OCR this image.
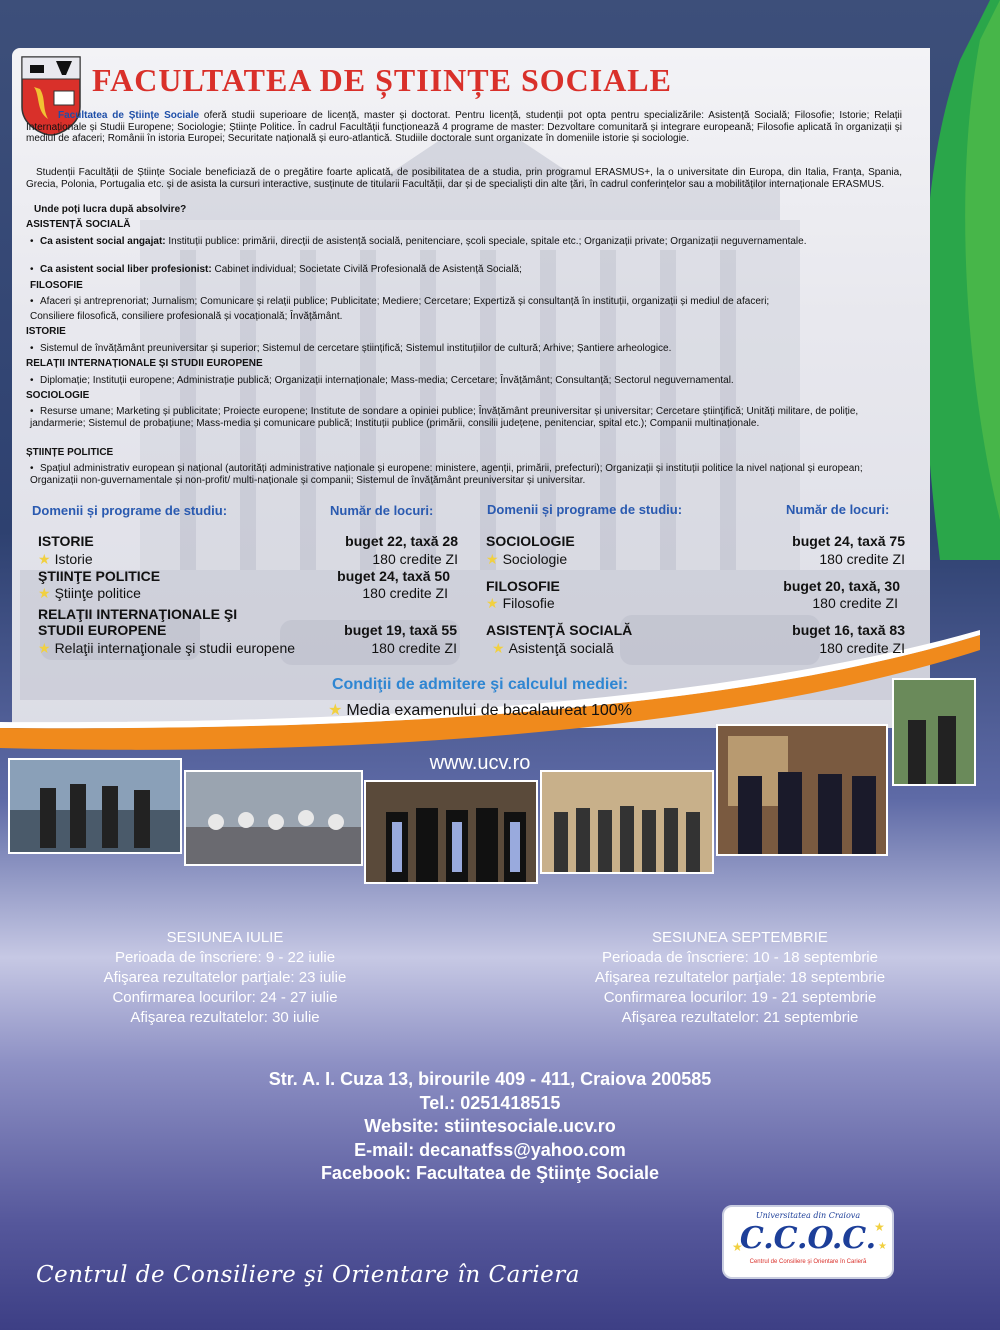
FACULTATEA DE ȘTIINȚE SOCIALE
Facultatea de Științe Sociale oferă studii superioare de licență, master și doctorat. Pentru licență, studenții pot opta pentru specializările: Asistență Socială; Filosofie; Istorie; Relații Internaționale și Studii Europene; Sociologie; Științe Politice. În cadrul Facultății funcționează 4 programe de master: Dezvoltare comunitară și integrare europeană; Filosofie aplicată în organizații și mediul de afaceri; Românii în istoria Europei; Securitate națională și euro-atlantică. Studiile doctorale sunt organizate în domeniile istorie și sociologie.
Studenții Facultății de Științe Sociale beneficiază de o pregătire foarte aplicată, de posibilitatea de a studia, prin programul ERASMUS+, la o universitate din Europa, din Italia, Franța, Spania, Grecia, Polonia, Portugalia etc. și de asista la cursuri interactive, susținute de titularii Facultății, dar și de specialiști din alte țări, în cadrul conferințelor sau a mobilităților internaționale ERASMUS.
Unde poți lucra după absolvire?
ASISTENȚĂ SOCIALĂ
• Ca asistent social angajat: Instituții publice: primării, direcții de asistență socială, penitenciare, școli speciale, spitale etc.; Organizații private; Organizații neguvernamentale.
• Ca asistent social liber profesionist: Cabinet individual; Societate Civilă Profesională de Asistență Socială;
FILOSOFIE
• Afaceri și antreprenoriat; Jurnalism; Comunicare și relații publice; Publicitate; Mediere; Cercetare; Expertiză și consultanță în instituții, organizații și mediul de afaceri;
Consiliere filosofică, consiliere profesională și vocațională; Învățământ.
ISTORIE
• Sistemul de învățământ preuniversitar și superior; Sistemul de cercetare științifică; Sistemul instituțiilor de cultură; Arhive; Șantiere arheologice.
RELAȚII INTERNAȚIONALE ȘI STUDII EUROPENE
• Diplomație; Instituții europene; Administrație publică; Organizații internaționale; Mass-media; Cercetare; Învățământ; Consultanță; Sectorul neguvernamental.
SOCIOLOGIE
• Resurse umane; Marketing și publicitate; Proiecte europene; Institute de sondare a opiniei publice; Învățământ preuniversitar și universitar; Cercetare științifică; Unități militare, de poliție, jandarmerie; Sistemul de probațiune; Mass-media și comunicare publică; Instituții publice (primării, consilii județene, penitenciar, spital etc.); Companii multinaționale.
ȘTIINȚE POLITICE
• Spațiul administrativ european și național (autorități administrative naționale și europene: ministere, agenții, primării, prefecturi); Organizații și instituții politice la nivel național și european; Organizații non-guvernamentale și non-profit/ multi-naționale și companii; Sistemul de învățământ preuniversitar și universitar.
Domenii și programe de studiu:	Număr de locuri:	Domenii și programe de studiu:	Număr de locuri:
ISTORIE	buget 22, taxă 28
★ Istorie	180 credite ZI
ŞTIINŢE POLITICE	buget 24, taxă 50
★ Ştiinţe politice	180 credite ZI
RELAŢII INTERNAŢIONALE ŞI
STUDII EUROPENE	buget 19, taxă 55
★ Relaţii internaţionale şi studii europene	180 credite ZI
SOCIOLOGIE	buget 24, taxă 75
★ Sociologie	180 credite ZI
FILOSOFIE	buget 20, taxă, 30
★ Filosofie	180 credite ZI
ASISTENŢĂ SOCIALĂ	buget 16, taxă 83
★ Asistenţă socială	180 credite ZI
Condiţii de admitere şi calculul mediei:
★ Media examenului de bacalaureat 100%
www.ucv.ro
SESIUNEA IULIE
Perioada de înscriere: 9 - 22 iulie
Afişarea rezultatelor parţiale: 23 iulie
Confirmarea locurilor: 24 - 27 iulie
Afişarea rezultatelor: 30 iulie
SESIUNEA SEPTEMBRIE
Perioada de înscriere: 10 - 18 septembrie
Afişarea rezultatelor parţiale: 18 septembrie
Confirmarea locurilor: 19 - 21 septembrie
Afişarea rezultatelor: 21 septembrie
Str. A. I. Cuza 13, birourile 409 - 411, Craiova 200585
Tel.: 0251418515
Website: stiintesociale.ucv.ro
E-mail: decanatfss@yahoo.com
Facebook: Facultatea de Ştiinţe Sociale
Centrul de Consiliere şi Orientare în Cariera
Universitatea din Craiova
C.C.O.C.
Centrul de Consiliere şi Orientare în Carieră
★
★
★
